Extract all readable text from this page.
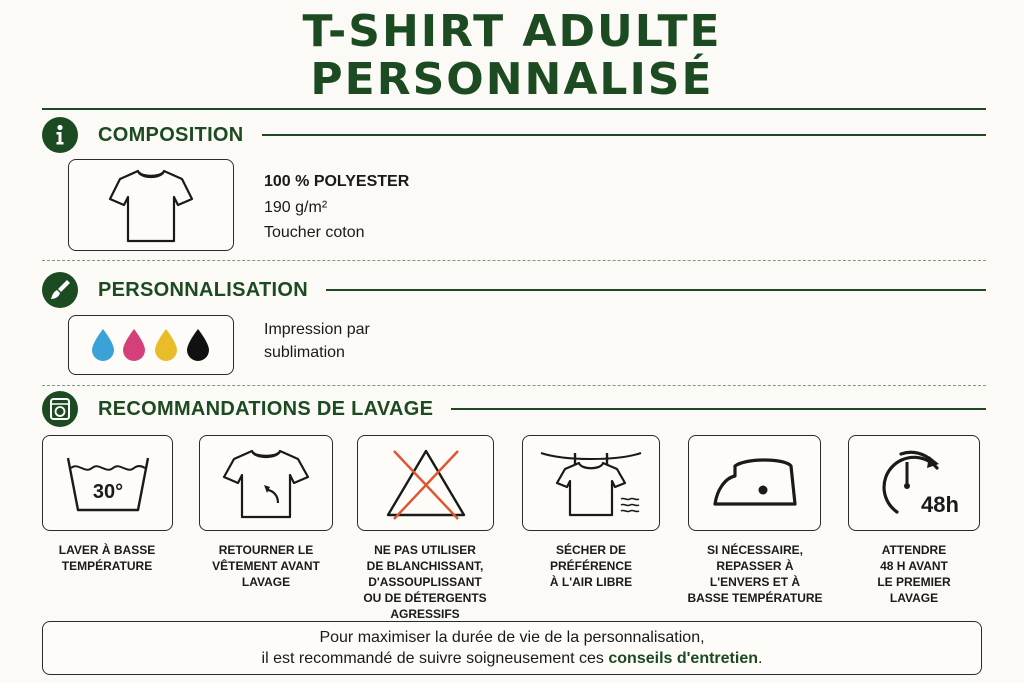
T-SHIRT ADULTE
PERSONNALISÉ
COMPOSITION
100 % POLYESTER
190 g/m²
Toucher coton
PERSONNALISATION
Impression par
sublimation
RECOMMANDATIONS DE LAVAGE
30°
LAVER À BASSE
TEMPÉRATURE
RETOURNER LE
VÊTEMENT AVANT
LAVAGE
NE PAS UTILISER
DE BLANCHISSANT,
D'ASSOUPLISSANT
OU DE DÉTERGENTS
AGRESSIFS
SÉCHER DE
PRÉFÉRENCE
À L'AIR LIBRE
SI NÉCESSAIRE,
REPASSER À
L'ENVERS ET À
BASSE TEMPÉRATURE
48h
ATTENDRE
48 H AVANT
LE PREMIER
LAVAGE
Pour maximiser la durée de vie de la personnalisation,
il est recommandé de suivre soigneusement ces conseils d'entretien.
